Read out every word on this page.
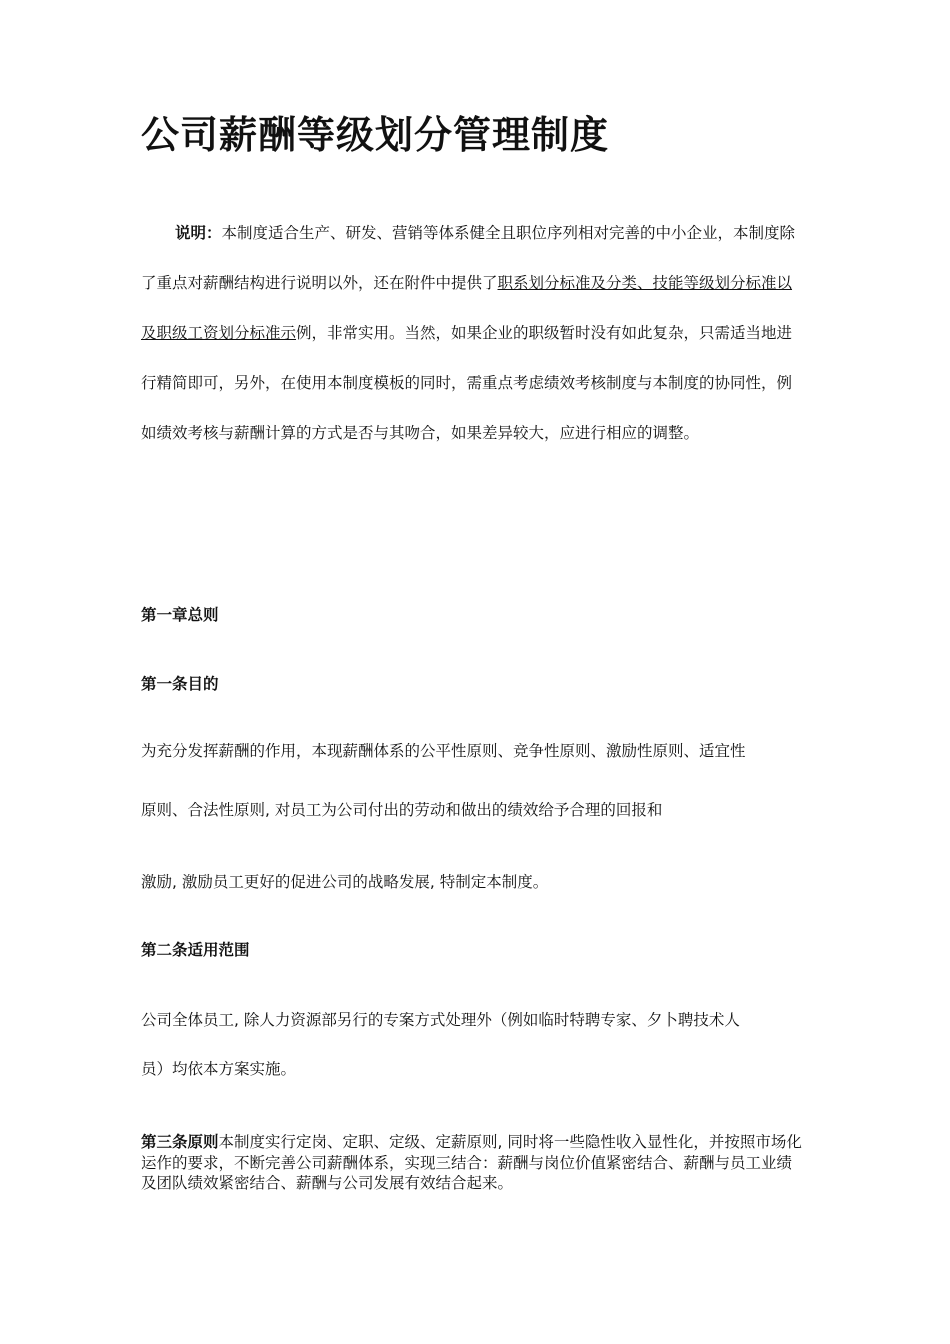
公司薪酬等级划分管理制度
说明：本制度适合生产、研发、营销等体系健全且职位序列相对完善的中小企业，本制度除了重点对薪酬结构进行说明以外，还在附件中提供了职系划分标准及分类、技能等级划分标准以及职级工资划分标准示例，非常实用。当然，如果企业的职级暂时没有如此复杂，只需适当地进行精简即可，另外，在使用本制度模板的同时，需重点考虑绩效考核制度与本制度的协同性，例如绩效考核与薪酬计算的方式是否与其吻合，如果差异较大，应进行相应的调整。
第一章总则
第一条目的
为充分发挥薪酬的作用，本现薪酬体系的公平性原则、竞争性原则、激励性原则、适宜性
原则、合法性原则, 对员工为公司付出的劳动和做出的绩效给予合理的回报和
激励, 激励员工更好的促进公司的战略发展, 特制定本制度。
第二条适用范围
公司全体员工, 除人力资源部另行的专案方式处理外（例如临时特聘专家、夕卜聘技术人
员）均依本方案实施。
第三条原则本制度实行定岗、定职、定级、定薪原则, 同时将一些隐性收入显性化，并按照市场化运作的要求，不断完善公司薪酬体系，实现三结合：薪酬与岗位价值紧密结合、薪酬与员工业绩及团队绩效紧密结合、薪酬与公司发展有效结合起来。
